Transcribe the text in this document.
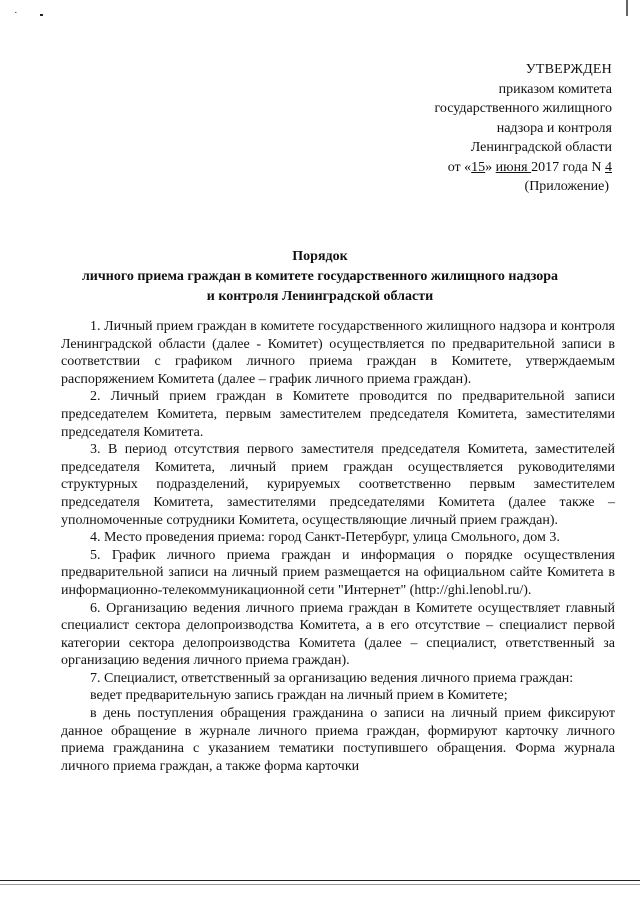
·
УТВЕРЖДЕН
приказом комитета
государственного жилищного
надзора и контроля
Ленинградской области
от «15» июня 2017 года N 4
(Приложение)
Порядок
личного приема граждан в комитете государственного жилищного надзора
и контроля Ленинградской области

1. Личный прием граждан в комитете государственного жилищного надзора и контроля Ленинградской области (далее - Комитет) осуществляется по предварительной записи в соответствии с графиком личного приема граждан в Комитете, утверждаемым распоряжением Комитета (далее – график личного приема граждан).

2. Личный прием граждан в Комитете проводится по предварительной записи председателем Комитета, первым заместителем председателя Комитета, заместителями председателя Комитета.

3. В период отсутствия первого заместителя председателя Комитета, заместителей председателя Комитета, личный прием граждан осуществляется руководителями структурных подразделений, курируемых соответственно первым заместителем председателя Комитета, заместителями председателями Комитета (далее также – уполномоченные сотрудники Комитета, осуществляющие личный прием граждан).

4. Место проведения приема: город Санкт-Петербург, улица Смольного, дом 3.

5. График личного приема граждан и информация о порядке осуществления предварительной записи на личный прием размещается на официальном сайте Комитета в информационно-телекоммуникационной сети "Интернет" (http://ghi.lenobl.ru/).

6. Организацию ведения личного приема граждан в Комитете осуществляет главный специалист сектора делопроизводства Комитета, а в его отсутствие – специалист первой категории сектора делопроизводства Комитета (далее – специалист, ответственный за организацию ведения личного приема граждан).

7. Специалист, ответственный за организацию ведения личного приема граждан:

ведет предварительную запись граждан на личный прием в Комитете;

в день поступления обращения гражданина о записи на личный прием фиксируют данное обращение в журнале личного приема граждан, формируют карточку личного приема гражданина с указанием тематики поступившего обращения. Форма журнала личного приема граждан, а также форма карточки
